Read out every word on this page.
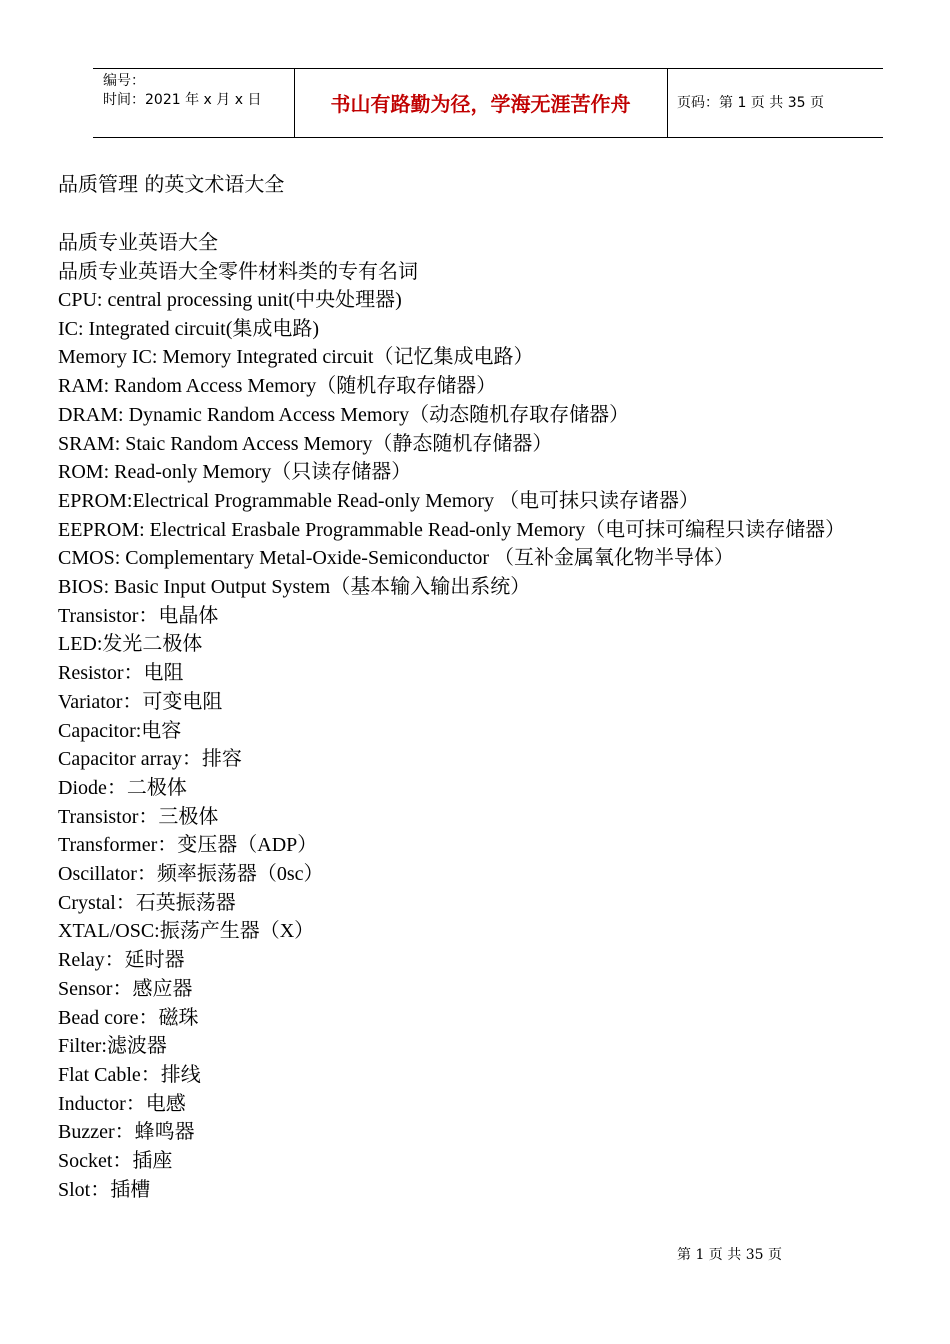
编号：
时间：2021 年 x 月 x 日	书山有路勤为径，学海无涯苦作舟	页码：第 1 页 共 35 页

品质管理 的英文术语大全

品质专业英语大全

品质专业英语大全零件材料类的专有名词

CPU: central processing unit(中央处理器)

IC: Integrated circuit(集成电路)

Memory IC: Memory Integrated circuit（记忆集成电路）

RAM: Random Access Memory（随机存取存储器）

DRAM: Dynamic Random Access Memory（动态随机存取存储器）

SRAM: Staic Random Access Memory（静态随机存储器）

ROM: Read-only Memory（只读存储器）

EPROM:Electrical Programmable Read-only Memory （电可抹只读存诸器）

EEPROM: Electrical Erasbale Programmable Read-only Memory（电可抹可编程只读存储器）

CMOS: Complementary Metal-Oxide-Semiconductor （互补金属氧化物半导体）

BIOS: Basic Input Output System（基本输入输出系统）

Transistor：电晶体

LED:发光二极体

Resistor：电阻

Variator：可变电阻

Capacitor:电容

Capacitor array：排容

Diode：二极体

Transistor：三极体

Transformer：变压器（ADP）

Oscillator：频率振荡器（0sc）

Crystal：石英振荡器

XTAL/OSC:振荡产生器（X）

Relay：延时器

Sensor：感应器

Bead core：磁珠

Filter:滤波器

Flat Cable：排线

Inductor：电感

Buzzer：蜂鸣器

Socket：插座

Slot：插槽

第 1 页 共 35 页
